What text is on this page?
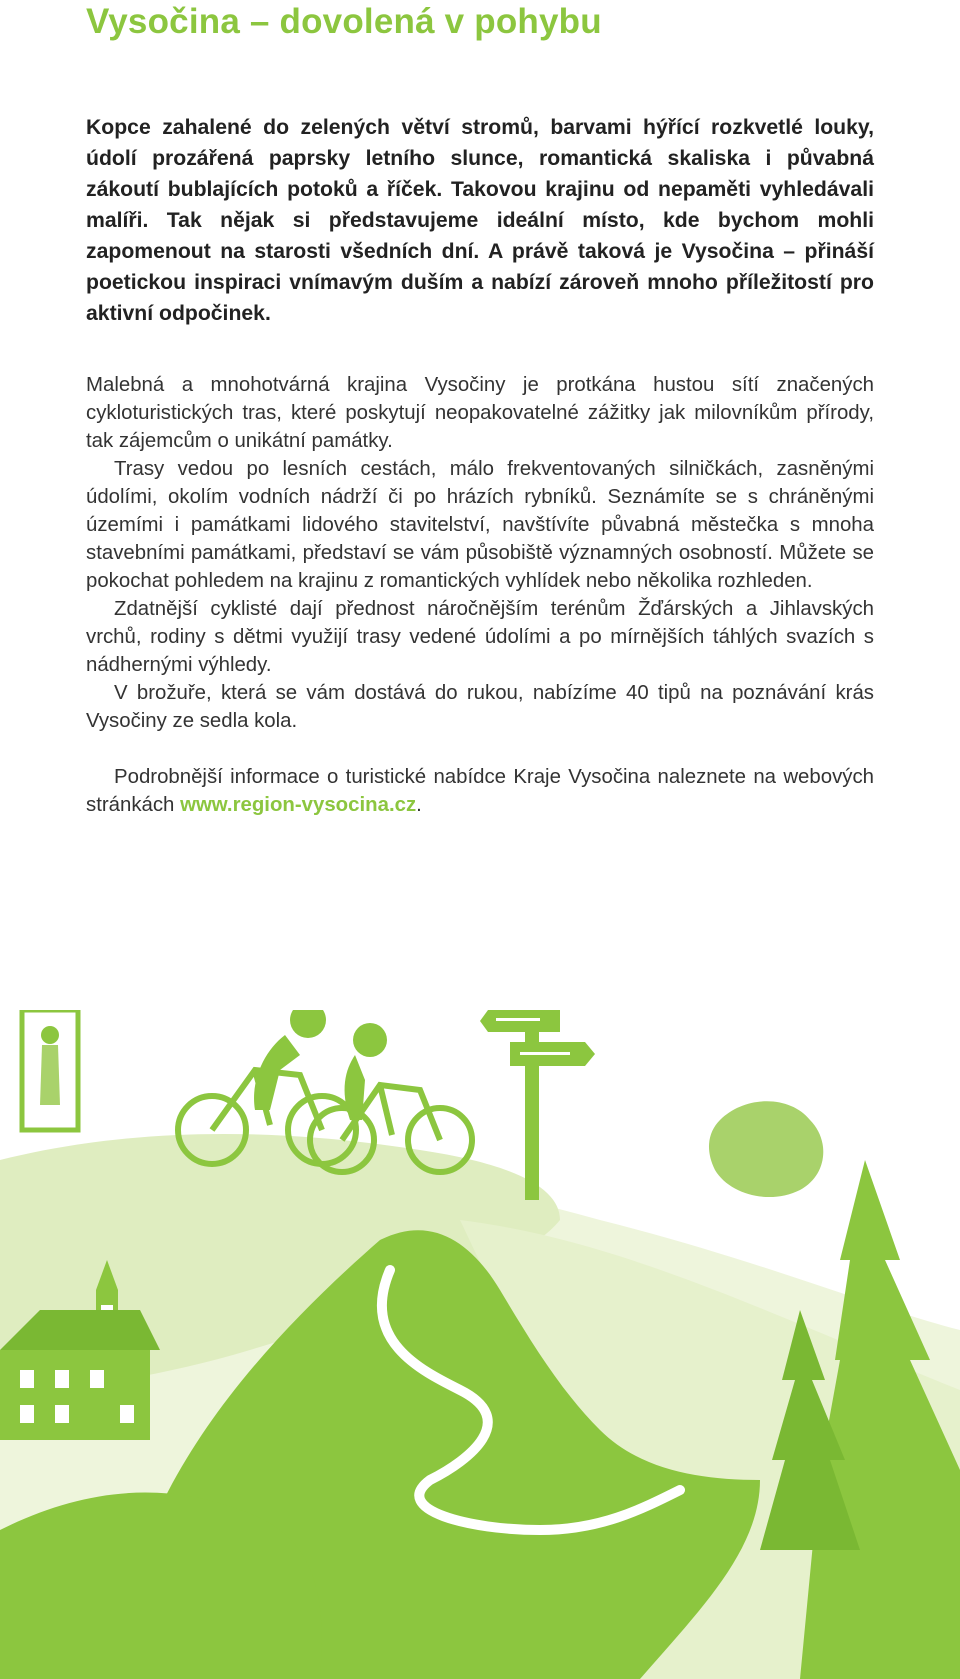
Vysočina – dovolená v pohybu

Kopce zahalené do zelených větví stromů, barvami hýřící rozkvetlé louky, údolí prozářená paprsky letního slunce, romantická skaliska i půvabná zákoutí bublajících potoků a říček. Takovou krajinu od nepaměti vyhledávali malíři. Tak nějak si představujeme ideální místo, kde bychom mohli zapomenout na starosti všedních dní. A právě taková je Vysočina – přináší poetickou inspiraci vnímavým duším a nabízí zároveň mnoho příležitostí pro aktivní odpočinek.

Malebná a mnohotvárná krajina Vysočiny je protkána hustou sítí značených cykloturistických tras, které poskytují neopakovatelné zážitky jak milovníkům přírody, tak zájemcům o unikátní památky.

Trasy vedou po lesních cestách, málo frekventovaných silničkách, zasněnými údolími, okolím vodních nádrží či po hrázích rybníků. Seznámíte se s chráněnými územími i památkami lidového stavitelství, navštívíte půvabná městečka s mnoha stavebními památkami, představí se vám působiště významných osobností. Můžete se pokochat pohledem na krajinu z romantických vyhlídek nebo několika rozhleden.

Zdatnější cyklisté dají přednost náročnějším terénům Žďárských a Jihlavských vrchů, rodiny s dětmi využijí trasy vedené údolími a po mírnějších táhlých svazích s nádhernými výhledy.

V brožuře, která se vám dostává do rukou, nabízíme 40 tipů na poznávání krás Vysočiny ze sedla kola.

Podrobnější informace o turistické nabídce Kraje Vysočina naleznete na webových stránkách www.region-vysocina.cz.
